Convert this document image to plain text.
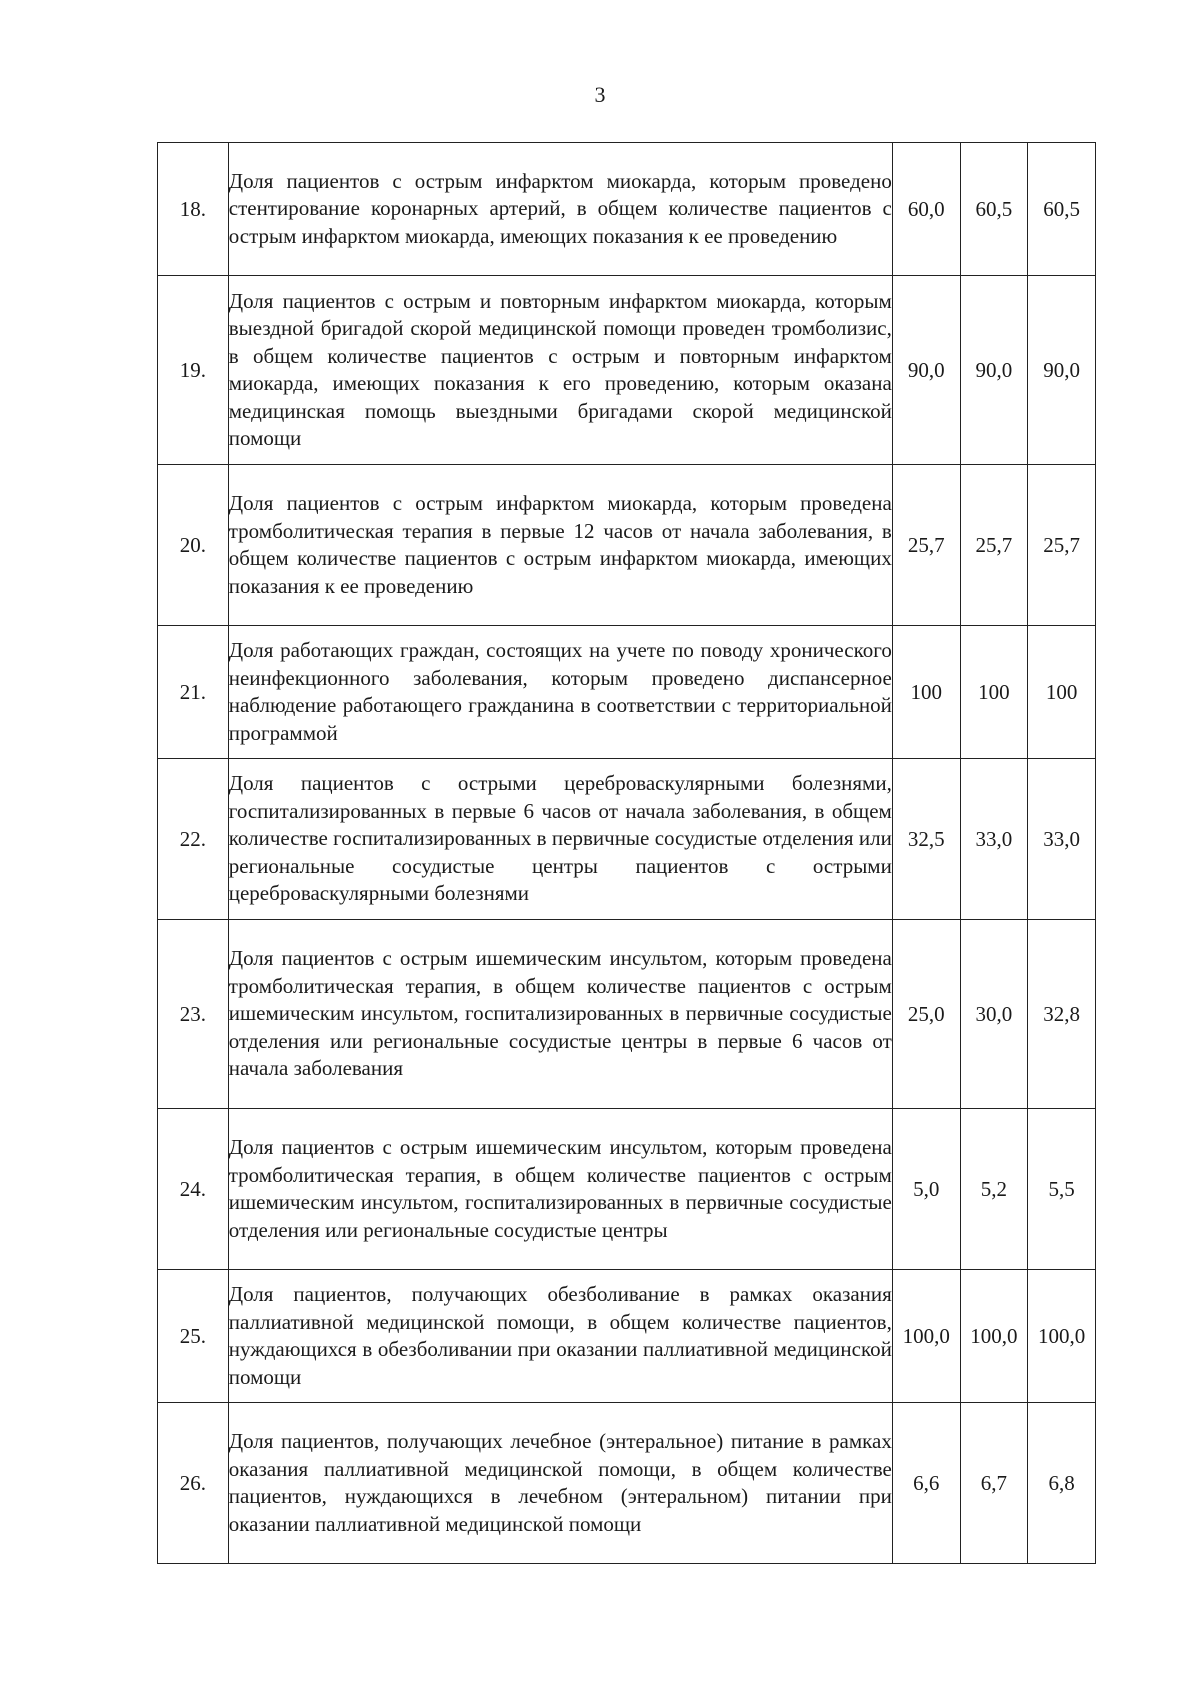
3
18.	Доля пациентов с острым инфарктом миокарда, которым проведено стентирование коронарных артерий, в общем количестве пациентов с острым инфарктом миокарда, имеющих показания к ее проведению	60,0	60,5	60,5
19.	Доля пациентов с острым и повторным инфарктом миокарда, которым выездной бригадой скорой медицинской помощи проведен тромболизис, в общем количестве пациентов с острым и повторным инфарктом миокарда, имеющих показания к его проведению, которым оказана медицинская помощь выездными бригадами скорой медицинской помощи	90,0	90,0	90,0
20.	Доля пациентов с острым инфарктом миокарда, которым проведена тромболитическая терапия в первые 12 часов от начала заболевания, в общем количестве пациентов с острым инфарктом миокарда, имеющих показания к ее проведению	25,7	25,7	25,7
21.	Доля работающих граждан, состоящих на учете по поводу хронического неинфекционного заболевания, которым проведено диспансерное наблюдение работающего гражданина в соответствии с территориальной программой	100	100	100
22.	Доля пациентов с острыми цереброваскулярными болезнями, госпитализированных в первые 6 часов от начала заболевания, в общем количестве госпитализированных в первичные сосудистые отделения или региональные сосудистые центры пациентов с острыми цереброваскулярными болезнями	32,5	33,0	33,0
23.	Доля пациентов с острым ишемическим инсультом, которым проведена тромболитическая терапия, в общем количестве пациентов с острым ишемическим инсультом, госпитализированных в первичные сосудистые отделения или региональные сосудистые центры в первые 6 часов от начала заболевания	25,0	30,0	32,8
24.	Доля пациентов с острым ишемическим инсультом, которым проведена тромболитическая терапия, в общем количестве пациентов с острым ишемическим инсультом, госпитализированных в первичные сосудистые отделения или региональные сосудистые центры	5,0	5,2	5,5
25.	Доля пациентов, получающих обезболивание в рамках оказания паллиативной медицинской помощи, в общем количестве пациентов, нуждающихся в обезболивании при оказании паллиативной медицинской помощи	100,0	100,0	100,0
26.	Доля пациентов, получающих лечебное (энтеральное) питание в рамках оказания паллиативной медицинской помощи, в общем количестве пациентов, нуждающихся в лечебном (энтеральном) питании при оказании паллиативной медицинской помощи	6,6	6,7	6,8
